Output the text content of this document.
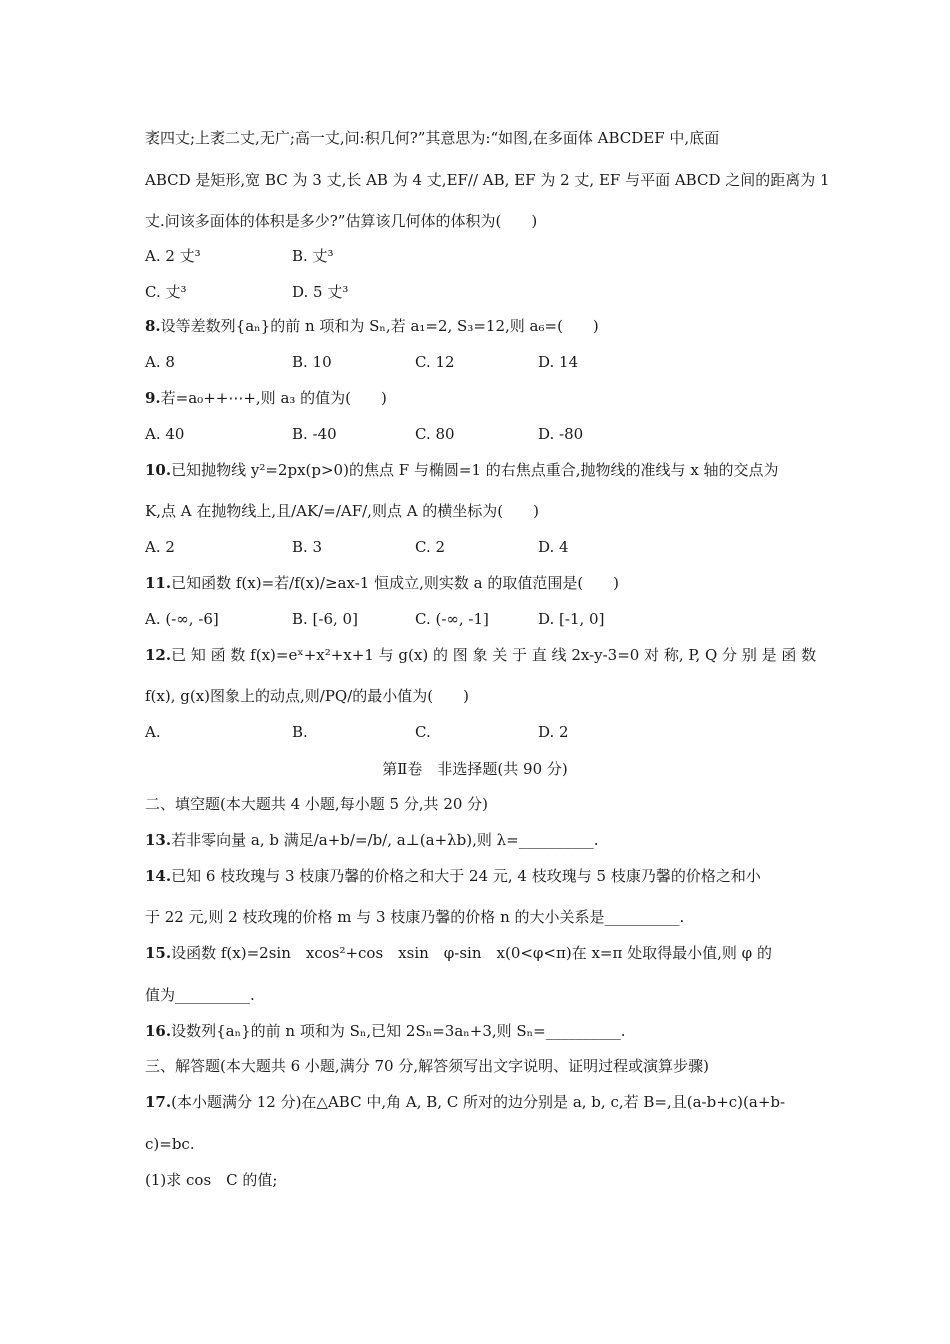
袤四丈;上袤二丈,无广;高一丈,问:积几何?”其意思为:“如图,在多面体 ABCDEF 中,底面
ABCD 是矩形,宽 BC 为 3 丈,长 AB 为 4 丈,EF// AB, EF 为 2 丈, EF 与平面 ABCD 之间的距离为 1
丈.问该多面体的体积是多少?”估算该几何体的体积为(　　)
A. 2 丈³	B. 丈³
C. 丈³	D. 5 丈³
8.设等差数列{aₙ}的前 n 项和为 Sₙ,若 a₁=2, S₃=12,则 a₆=(　　)
A. 8	B. 10	C. 12	D. 14
9.若=a₀++⋯+,则 a₃ 的值为(　　)
A. 40	B. -40	C. 80	D. -80
10.已知抛物线 y²=2px(p>0)的焦点 F 与椭圆=1 的右焦点重合,抛物线的准线与 x 轴的交点为
K,点 A 在抛物线上,且/AK/=/AF/,则点 A 的横坐标为(　　)
A. 2	B. 3	C. 2	D. 4
11.已知函数 f(x)=若/f(x)/≥ax-1 恒成立,则实数 a 的取值范围是(　　)
A. (-∞, -6]	B. [-6, 0]	C. (-∞, -1]	D. [-1, 0]
12.已 知 函 数 f(x)=eˣ+x²+x+1 与 g(x) 的 图 象 关 于 直 线 2x-y-3=0 对 称, P, Q 分 别 是 函 数
f(x), g(x)图象上的动点,则/PQ/的最小值为(　　)
A.	B.	C.	D. 2
第Ⅱ卷　非选择题(共 90 分)
二、填空题(本大题共 4 小题,每小题 5 分,共 20 分)
13.若非零向量 a, b 满足/a+b/=/b/, a⊥(a+λb),则 λ=__________.
14.已知 6 枝玫瑰与 3 枝康乃馨的价格之和大于 24 元, 4 枝玫瑰与 5 枝康乃馨的价格之和小
于 22 元,则 2 枝玫瑰的价格 m 与 3 枝康乃馨的价格 n 的大小关系是__________.
15.设函数 f(x)=2sin　xcos²+cos　xsin　φ-sin　x(0<φ<π)在 x=π 处取得最小值,则 φ 的
值为__________.
16.设数列{aₙ}的前 n 项和为 Sₙ,已知 2Sₙ=3aₙ+3,则 Sₙ=__________.
三、解答题(本大题共 6 小题,满分 70 分,解答须写出文字说明、证明过程或演算步骤)
17.(本小题满分 12 分)在△ABC 中,角 A, B, C 所对的边分别是 a, b, c,若 B=,且(a-b+c)(a+b-
c)=bc.
(1)求 cos　C 的值;
